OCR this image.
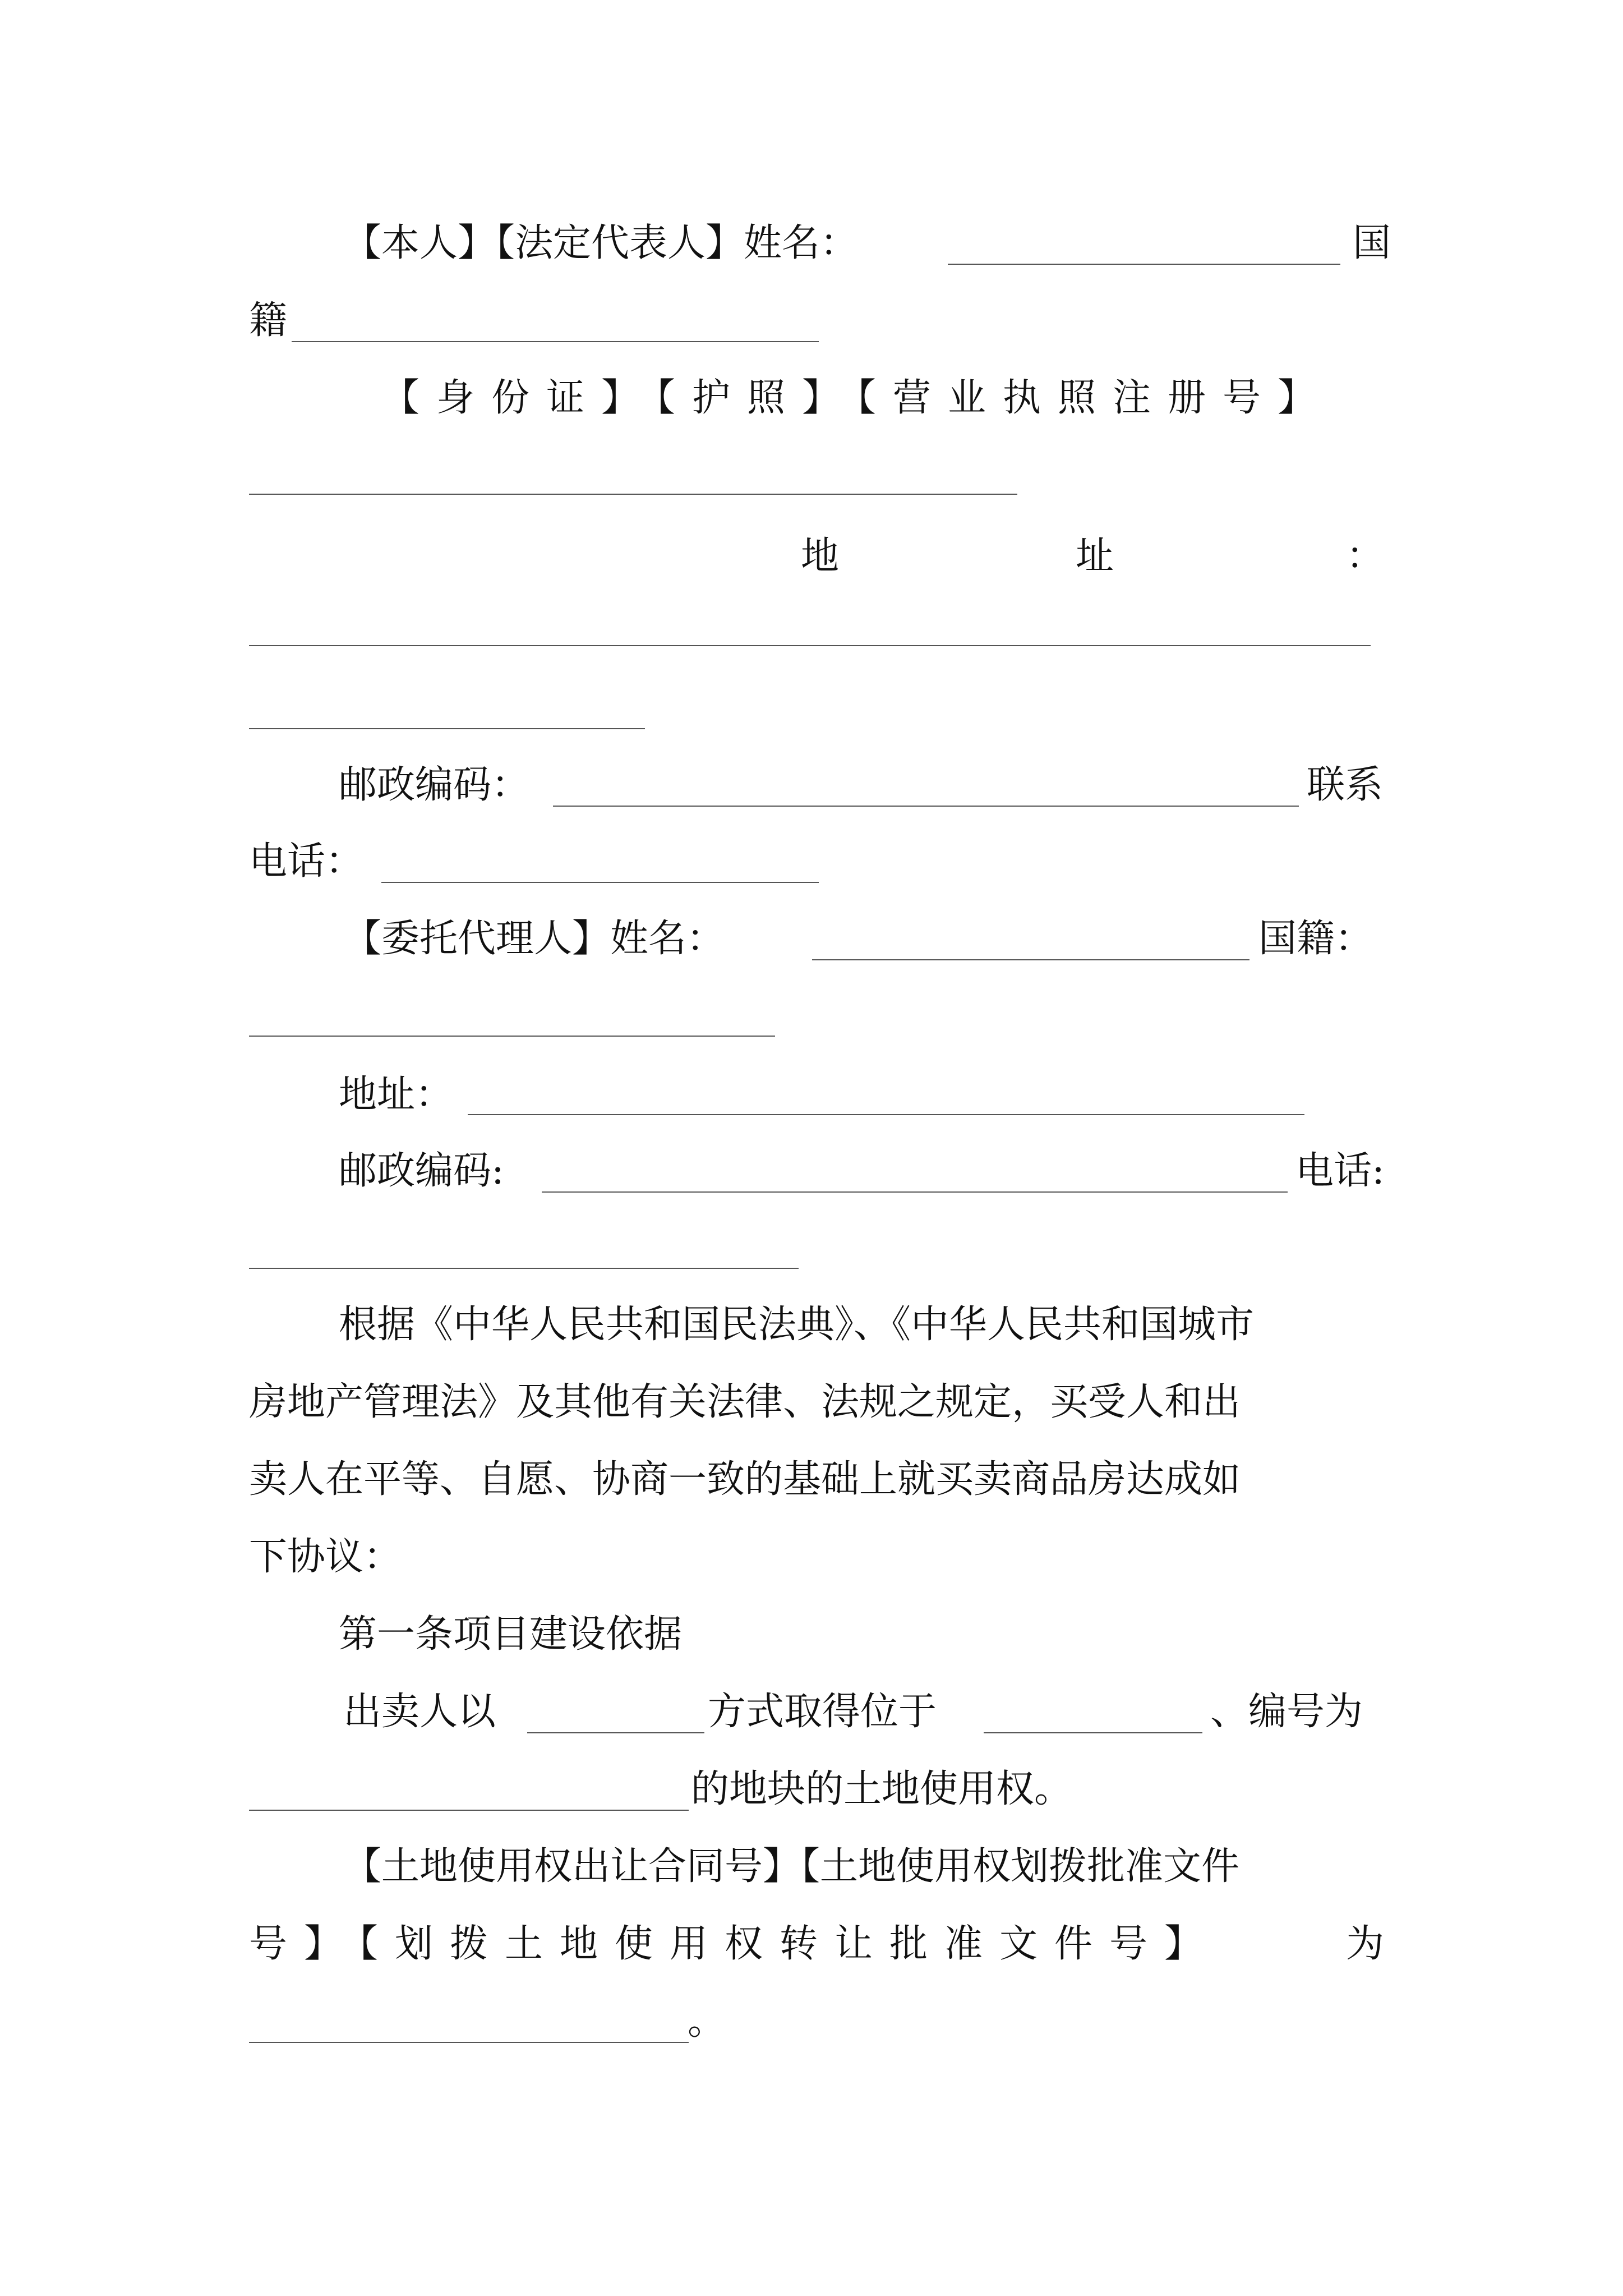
【本人】【法定代表人】姓名：	国
籍
【身份证】【护照】【营业执照注册号】
地	址	：
邮政编码：	联系
电话：
【委托代理人】姓名：	国籍：
地址：
邮政编码:	电话:
根据《中华人民共和国民法典》、《中华人民共和国城市
房地产管理法》及其他有关法律、法规之规定，买受人和出
卖人在平等、自愿、协商一致的基础上就买卖商品房达成如
下协议：
第一条项目建设依据
出卖人以	方式取得位于	、编号为
的地块的土地使用权。
【土地使用权出让合同号】【土地使用权划拨批准文件
号】【划拨土地使用权转让批准文件号】	为
。
